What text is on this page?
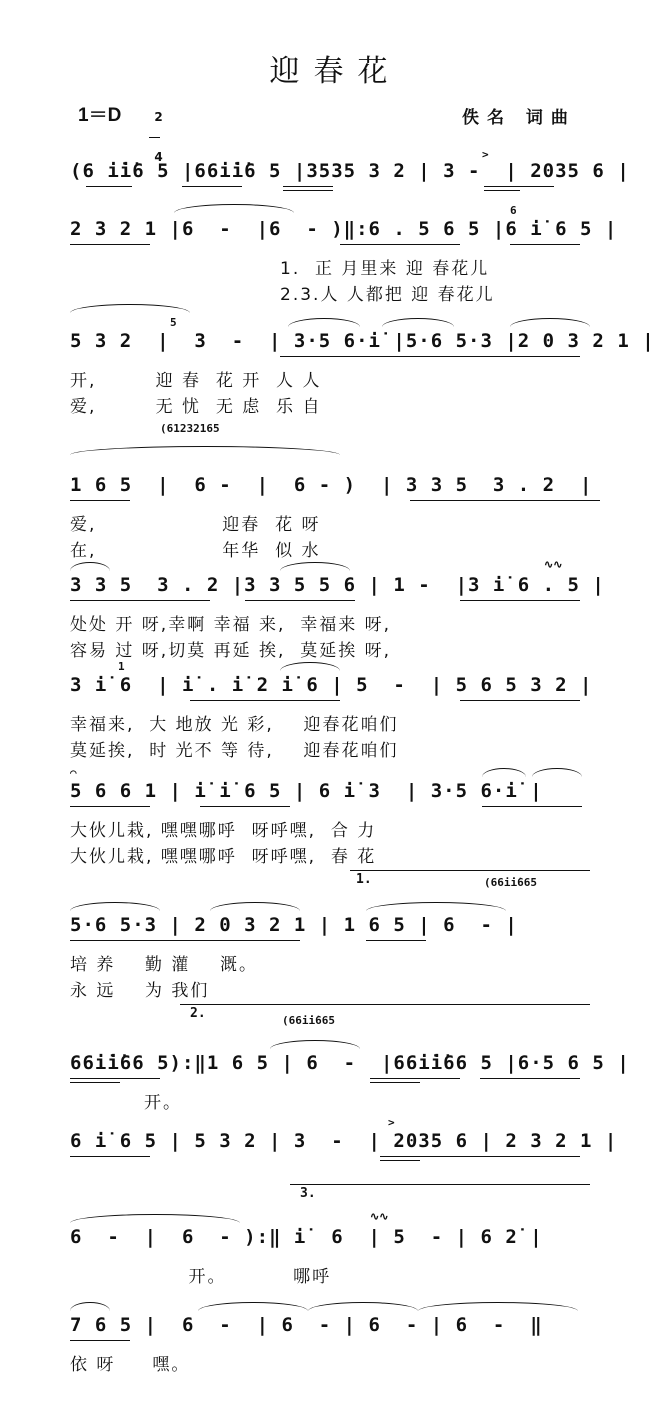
迎春花
1＝D	2

4

佚名 词曲
>
(6 i̇i̇6 5 |66i̇i̇6 5 |3535 3 2 | 3 -  | 2035 6 |
6
2 3 2 1 |6  -  |6  - )‖:6 . 5 6 5 |6 i̇ 6 5 |
1.  正 月里来 迎 春花儿
2.3.人 人都把 迎 春花儿
5
5 3 2  |  3  -  | 3·5 6·i̇ |5·6 5·3 |2 0 3 2 1 |
开,        迎 春  花 开  人 人
爱,        无 忧  无 虑  乐 自
(61232165
1 6 5  |  6 -  |  6 - )  | 3 3 5  3 . 2  |
爱,                 迎春  花 呀
在,                 年华  似 水
∿∿
3 3 5  3 . 2 |3 3 5 5 6 | 1 -  |3 i̇ 6 . 5 |
处处 开 呀,幸啊 幸福 来,  幸福来 呀,
容易 过 呀,切莫 再延 挨,  莫延挨 呀,
1
3 i̇ 6  | i̇ . i̇ 2 i̇ 6 | 5  -  | 5 6 5 3 2 |
幸福来,  大 地放 光 彩,    迎春花咱们
莫延挨,  时 光不 等 待,    迎春花咱们
⌒
5 6 6 1 | i̇ i̇ 6 5 | 6 i̇ 3  | 3·5 6·i̇ |
大伙儿栽, 嘿嘿哪呼  呀呼嘿,  合 力
大伙儿栽, 嘿嘿哪呼  呀呼嘿,  春 花
1.	(66i̇i̇665
5·6 5·3 | 2 0 3 2 1 | 1 6 5 | 6  - |
培 养    勤 灌    溉。
永 远    为 我们
2.	(66i̇i̇665
66i̇i̇66 5):‖1 6 5 | 6  -  |66i̇i̇66 5 |6·5 6 5 |
开。
>
6 i̇ 6 5 | 5 3 2 | 3  -  | 2035 6 | 2 3 2 1 |
3.
∿∿
6  -  |  6  - ):‖ i̇  6  | 5  - | 6 2̇ |
开。         哪呼
7 6 5 |  6  -  | 6  - | 6  - | 6  -  ‖
依 呀     嘿。
